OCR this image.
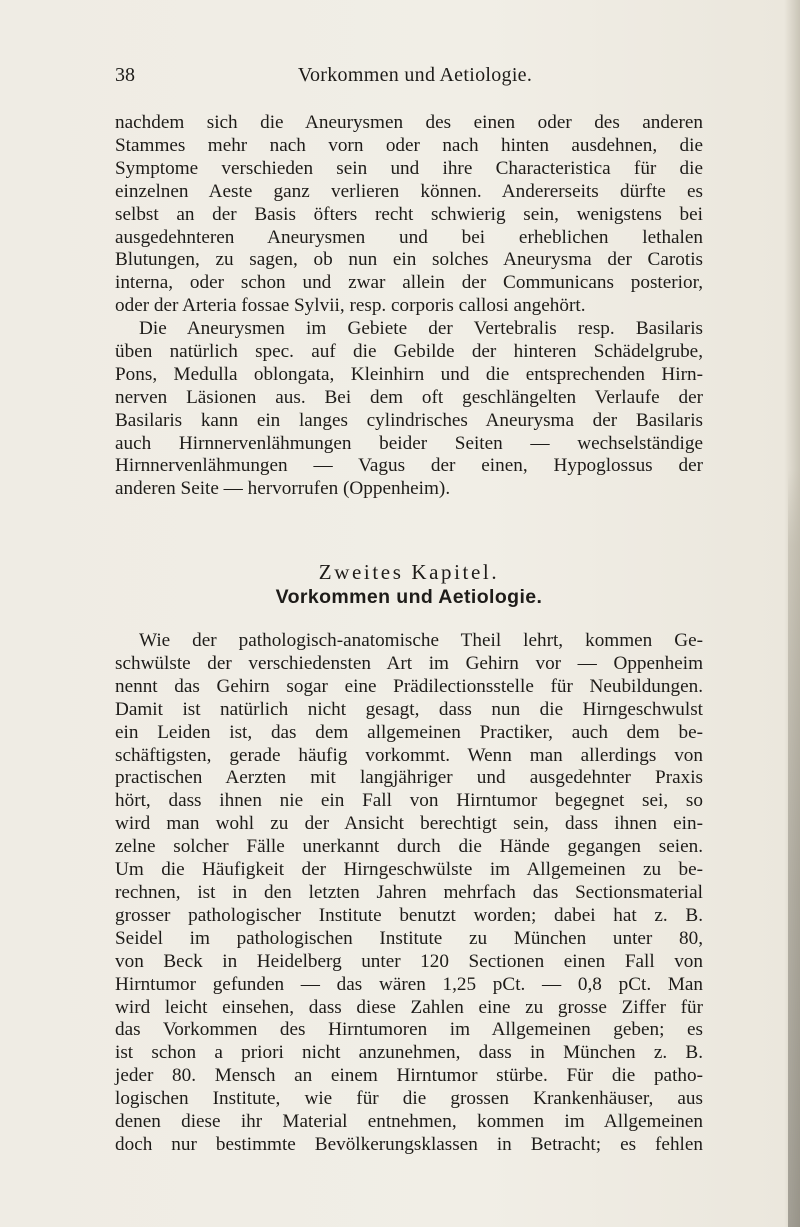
38	Vorkommen und Aetiologie.
nachdem sich die Aneurysmen des einen oder des anderen
Stammes mehr nach vorn oder nach hinten ausdehnen, die
Symptome verschieden sein und ihre Characteristica für die
einzelnen Aeste ganz verlieren können. Andererseits dürfte es
selbst an der Basis öfters recht schwierig sein, wenigstens bei
ausgedehnteren Aneurysmen und bei erheblichen lethalen
Blutungen, zu sagen, ob nun ein solches Aneurysma der Carotis
interna, oder schon und zwar allein der Communicans posterior,
oder der Arteria fossae Sylvii, resp. corporis callosi angehört.
Die Aneurysmen im Gebiete der Vertebralis resp. Basilaris
üben natürlich spec. auf die Gebilde der hinteren Schädelgrube,
Pons, Medulla oblongata, Kleinhirn und die entsprechenden Hirn-
nerven Läsionen aus. Bei dem oft geschlängelten Verlaufe der
Basilaris kann ein langes cylindrisches Aneurysma der Basilaris
auch Hirnnervenlähmungen beider Seiten — wechselständige
Hirnnervenlähmungen — Vagus der einen, Hypoglossus der
anderen Seite — hervorrufen (Oppenheim).
Zweites Kapitel.
Vorkommen und Aetiologie.
Wie der pathologisch-anatomische Theil lehrt, kommen Ge-
schwülste der verschiedensten Art im Gehirn vor — Oppenheim
nennt das Gehirn sogar eine Prädilectionsstelle für Neubildungen.
Damit ist natürlich nicht gesagt, dass nun die Hirngeschwulst
ein Leiden ist, das dem allgemeinen Practiker, auch dem be-
schäftigsten, gerade häufig vorkommt. Wenn man allerdings von
practischen Aerzten mit langjähriger und ausgedehnter Praxis
hört, dass ihnen nie ein Fall von Hirntumor begegnet sei, so
wird man wohl zu der Ansicht berechtigt sein, dass ihnen ein-
zelne solcher Fälle unerkannt durch die Hände gegangen seien.
Um die Häufigkeit der Hirngeschwülste im Allgemeinen zu be-
rechnen, ist in den letzten Jahren mehrfach das Sectionsmaterial
grosser pathologischer Institute benutzt worden; dabei hat z. B.
Seidel im pathologischen Institute zu München unter 80,
von Beck in Heidelberg unter 120 Sectionen einen Fall von
Hirntumor gefunden — das wären 1,25 pCt. — 0,8 pCt. Man
wird leicht einsehen, dass diese Zahlen eine zu grosse Ziffer für
das Vorkommen des Hirntumoren im Allgemeinen geben; es
ist schon a priori nicht anzunehmen, dass in München z. B.
jeder 80. Mensch an einem Hirntumor stürbe. Für die patho-
logischen Institute, wie für die grossen Krankenhäuser, aus
denen diese ihr Material entnehmen, kommen im Allgemeinen
doch nur bestimmte Bevölkerungsklassen in Betracht; es fehlen
